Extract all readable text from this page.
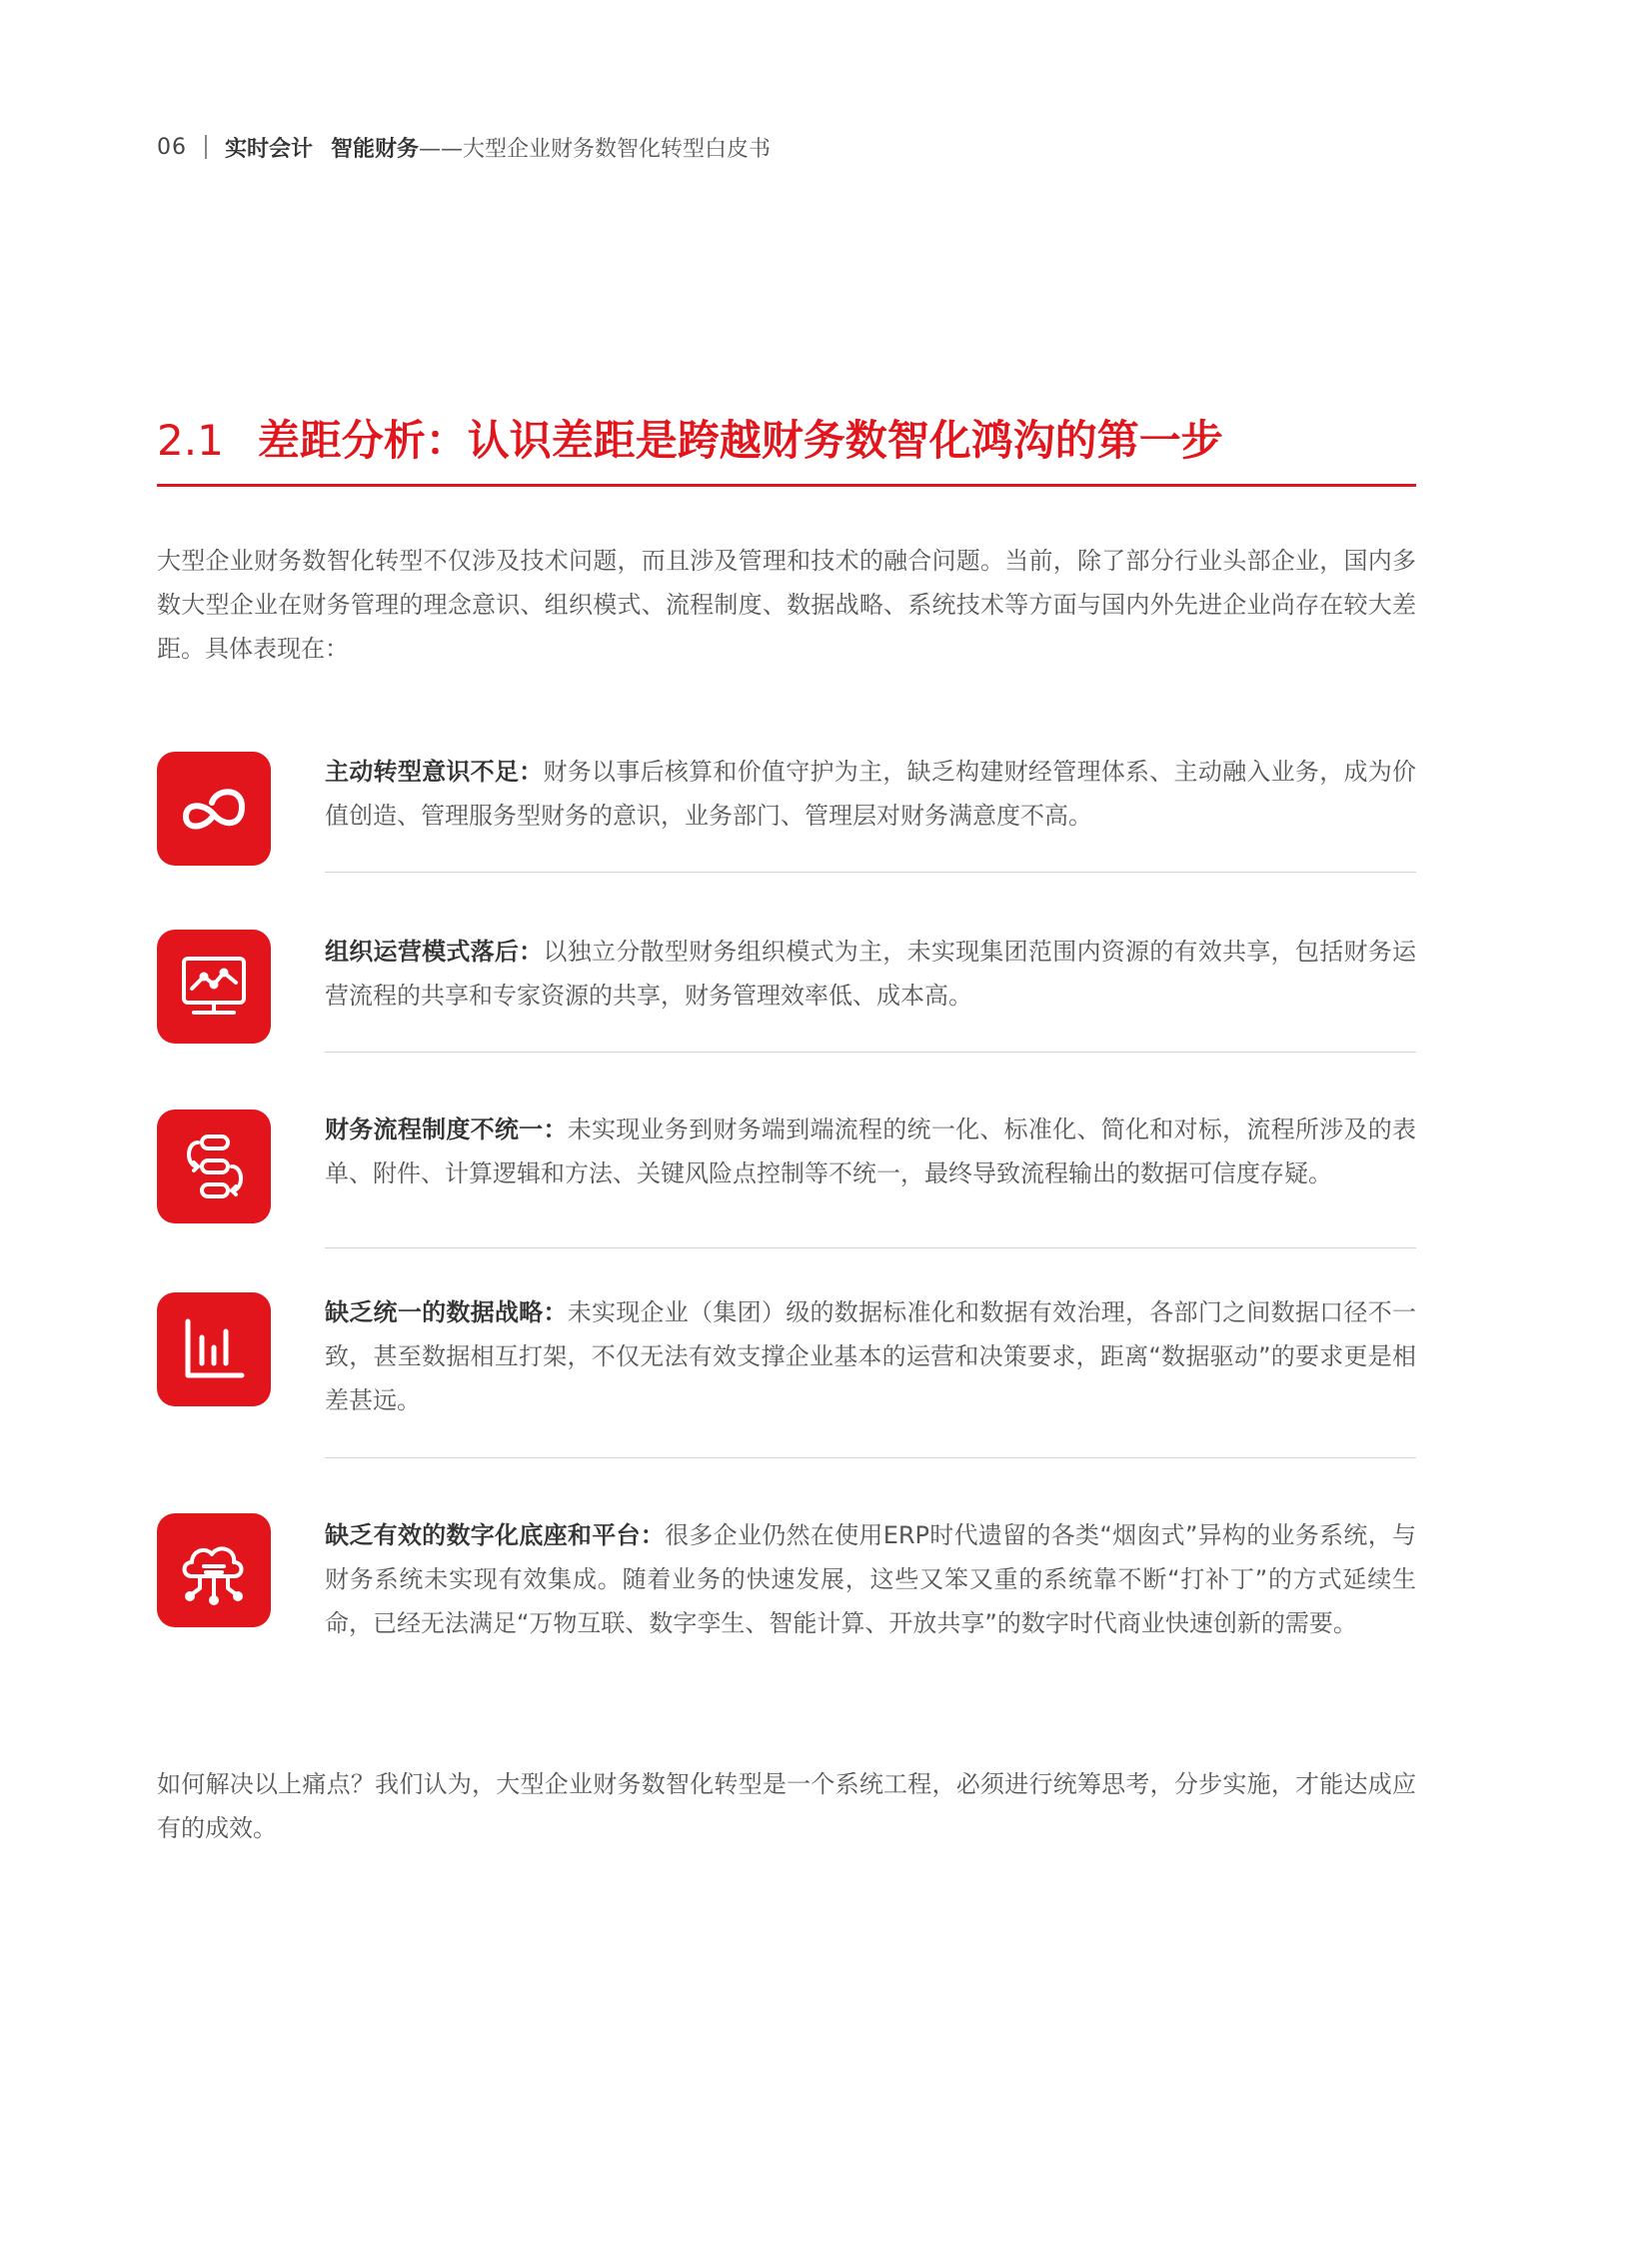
06 实时会计 智能财务 ——大型企业财务数智化转型白皮书
2.1 差距分析：认识差距是跨越财务数智化鸿沟的第一步
大型企业财务数智化转型不仅涉及技术问题，而且涉及管理和技术的融合问题。当前，除了部分行业头部企业，国内多数大型企业在财务管理的理念意识、组织模式、流程制度、数据战略、系统技术等方面与国内外先进企业尚存在较大差距。具体表现在：
主动转型意识不足：财务以事后核算和价值守护为主，缺乏构建财经管理体系、主动融入业务，成为价值创造、管理服务型财务的意识，业务部门、管理层对财务满意度不高。
组织运营模式落后：以独立分散型财务组织模式为主，未实现集团范围内资源的有效共享，包括财务运营流程的共享和专家资源的共享，财务管理效率低、成本高。
财务流程制度不统一：未实现业务到财务端到端流程的统一化、标准化、简化和对标，流程所涉及的表单、附件、计算逻辑和方法、关键风险点控制等不统一，最终导致流程输出的数据可信度存疑。
缺乏统一的数据战略：未实现企业（集团）级的数据标准化和数据有效治理，各部门之间数据口径不一致，甚至数据相互打架，不仅无法有效支撑企业基本的运营和决策要求，距离“数据驱动”的要求更是相差甚远。
缺乏有效的数字化底座和平台：很多企业仍然在使用ERP时代遗留的各类“烟囱式”异构的业务系统，与财务系统未实现有效集成。随着业务的快速发展，这些又笨又重的系统靠不断“打补丁”的方式延续生命，已经无法满足“万物互联、数字孪生、智能计算、开放共享”的数字时代商业快速创新的需要。
如何解决以上痛点？我们认为，大型企业财务数智化转型是一个系统工程，必须进行统筹思考，分步实施，才能达成应有的成效。
